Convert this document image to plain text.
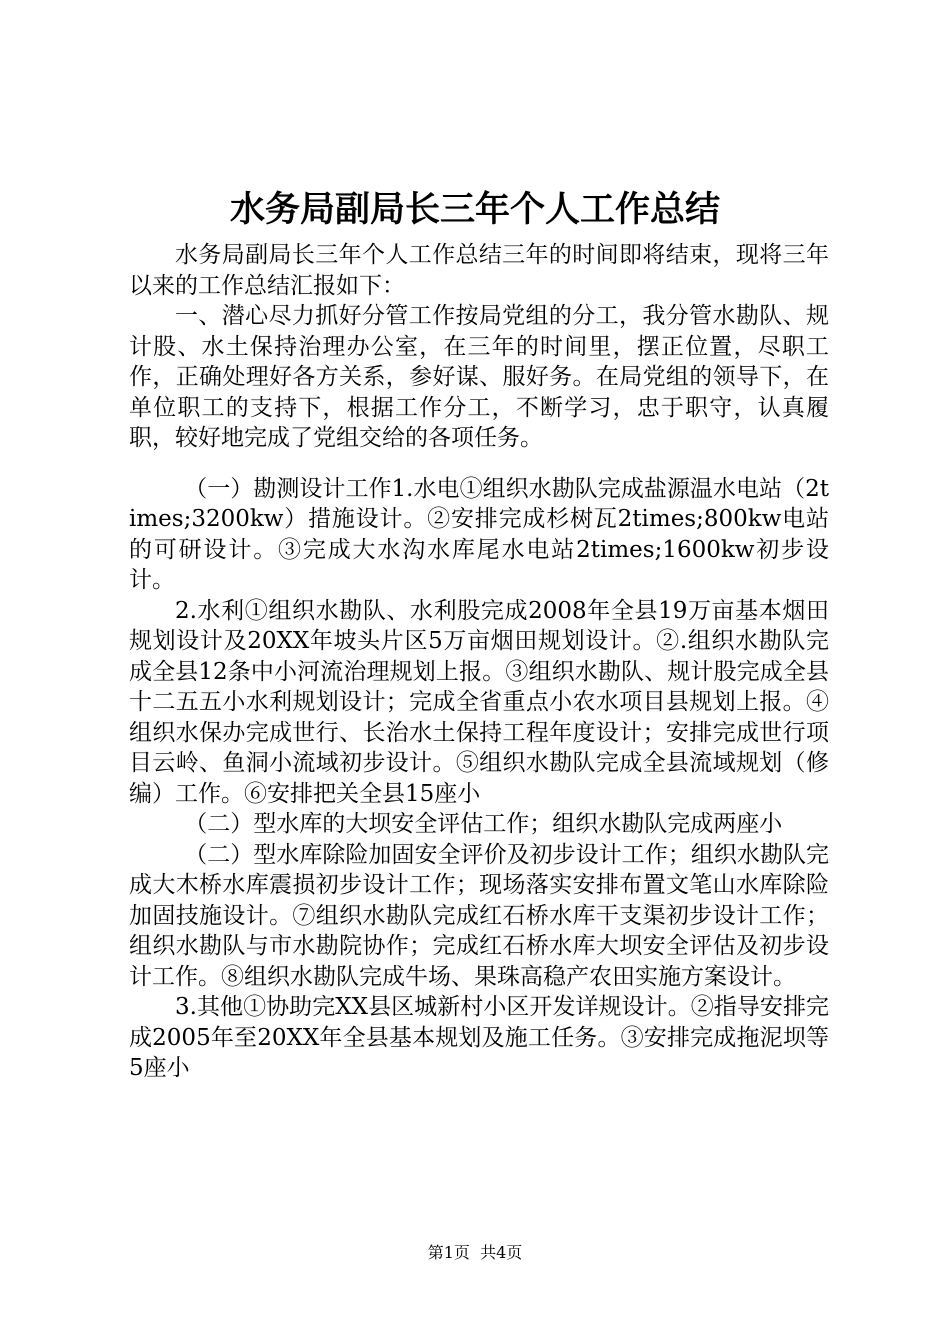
水务局副局长三年个人工作总结

水务局副局长三年个人工作总结三年的时间即将结束，现将三年以来的工作总结汇报如下：

一、潜心尽力抓好分管工作按局党组的分工，我分管水勘队、规计股、水土保持治理办公室，在三年的时间里，摆正位置，尽职工作，正确处理好各方关系，参好谋、服好务。在局党组的领导下，在单位职工的支持下，根据工作分工，不断学习，忠于职守，认真履职，较好地完成了党组交给的各项任务。

（一）勘测设计工作1.水电①组织水勘队完成盐源温水电站（2times;3200kw）措施设计。②安排完成杉树瓦2times;800kw电站的可研设计。③完成大水沟水库尾水电站2times;1600kw初步设计。

2.水利①组织水勘队、水利股完成2008年全县19万亩基本烟田规划设计及20XX年坡头片区5万亩烟田规划设计。②.组织水勘队完成全县12条中小河流治理规划上报。③组织水勘队、规计股完成全县十二五五小水利规划设计；完成全省重点小农水项目县规划上报。④组织水保办完成世行、长治水土保持工程年度设计；安排完成世行项目云岭、鱼洞小流域初步设计。⑤组织水勘队完成全县流域规划（修编）工作。⑥安排把关全县15座小

（二）型水库的大坝安全评估工作；组织水勘队完成两座小

（二）型水库除险加固安全评价及初步设计工作；组织水勘队完成大木桥水库震损初步设计工作；现场落实安排布置文笔山水库除险加固技施设计。⑦组织水勘队完成红石桥水库干支渠初步设计工作；组织水勘队与市水勘院协作；完成红石桥水库大坝安全评估及初步设计工作。⑧组织水勘队完成牛场、果珠高稳产农田实施方案设计。

3.其他①协助完XX县区城新村小区开发详规设计。②指导安排完成2005年至20XX年全县基本规划及施工任务。③安排完成拖泥坝等5座小

第1页 共4页
